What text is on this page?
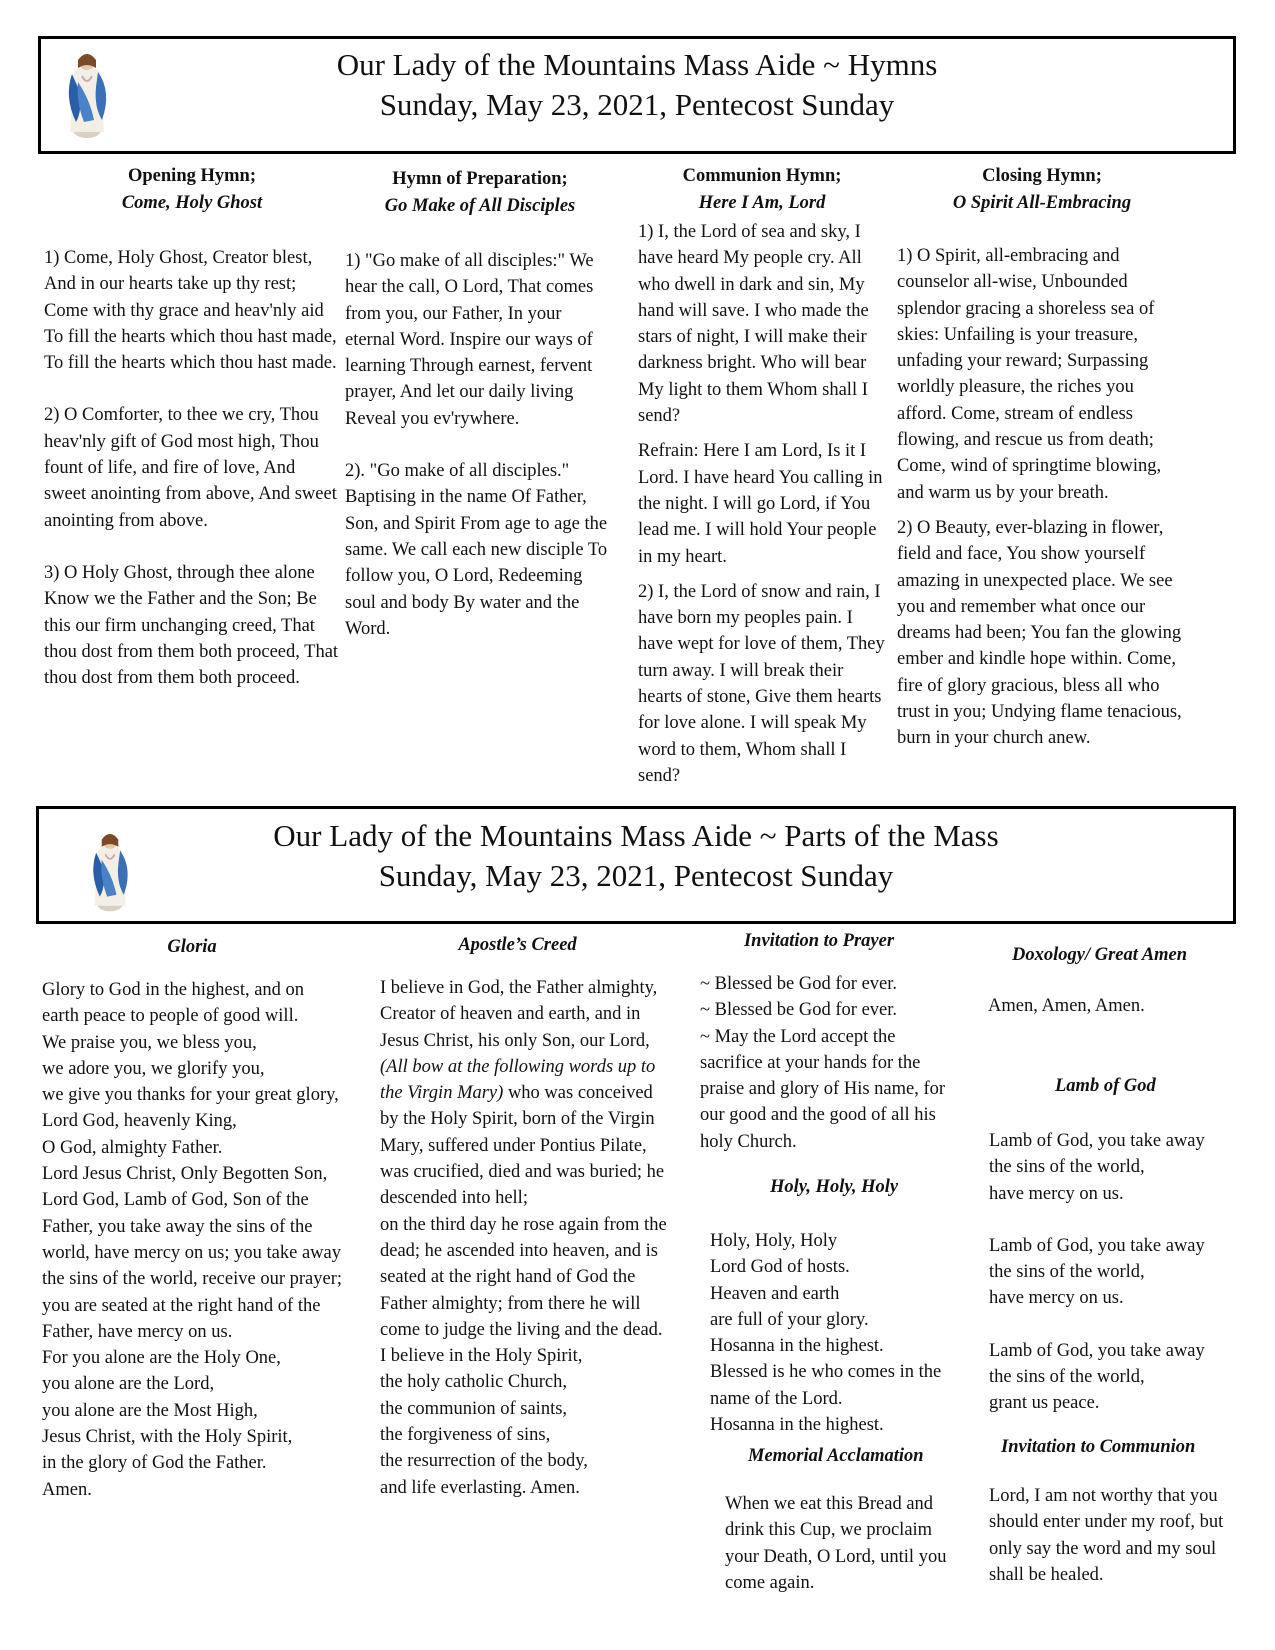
Our Lady of the Mountains Mass Aide ~ Hymns
Sunday, May 23, 2021, Pentecost Sunday
Opening Hymn;
Come, Holy Ghost

1) Come, Holy Ghost, Creator blest, And in our hearts take up thy rest; Come with thy grace and heav'nly aid To fill the hearts which thou hast made, To fill the hearts which thou hast made.

2) O Comforter, to thee we cry, Thou heav'nly gift of God most high, Thou fount of life, and fire of love, And sweet anointing from above, And sweet anointing from above.

3) O Holy Ghost, through thee alone Know we the Father and the Son; Be this our firm unchanging creed, That thou dost from them both proceed, That thou dost from them both proceed.

Hymn of Preparation;
Go Make of All Disciples

1) "Go make of all disciples:" We hear the call, O Lord, That comes from you, our Father, In your eternal Word. Inspire our ways of learning Through earnest, fervent prayer, And let our daily living Reveal you ev'rywhere.

2). "Go make of all disciples." Baptising in the name Of Father, Son, and Spirit From age to age the same. We call each new disciple To follow you, O Lord, Redeeming soul and body By water and the Word.

Communion Hymn;
Here I Am, Lord

1) I, the Lord of sea and sky, I have heard My people cry. All who dwell in dark and sin, My hand will save. I who made the stars of night, I will make their darkness bright. Who will bear My light to them Whom shall I send?

Refrain: Here I am Lord, Is it I Lord. I have heard You calling in the night. I will go Lord, if You lead me. I will hold Your people in my heart.

2) I, the Lord of snow and rain, I have born my peoples pain. I have wept for love of them, They turn away. I will break their hearts of stone, Give them hearts for love alone. I will speak My word to them, Whom shall I send?

Closing Hymn;
O Spirit All-Embracing

1) O Spirit, all-embracing and counselor all-wise, Unbounded splendor gracing a shoreless sea of skies: Unfailing is your treasure, unfading your reward; Surpassing worldly pleasure, the riches you afford. Come, stream of endless flowing, and rescue us from death; Come, wind of springtime blowing, and warm us by your breath.

2) O Beauty, ever-blazing in flower, field and face, You show yourself amazing in unexpected place. We see you and remember what once our dreams had been; You fan the glowing ember and kindle hope within. Come, fire of glory gracious, bless all who trust in you; Undying flame tenacious, burn in your church anew.

Our Lady of the Mountains Mass Aide ~ Parts of the Mass
Sunday, May 23, 2021, Pentecost Sunday
Gloria

Glory to God in the highest, and on earth peace to people of good will.

We praise you, we bless you,

we adore you, we glorify you,

we give you thanks for your great glory, Lord God, heavenly King,

O God, almighty Father.

Lord Jesus Christ, Only Begotten Son, Lord God, Lamb of God, Son of the Father, you take away the sins of the world, have mercy on us; you take away the sins of the world, receive our prayer;

you are seated at the right hand of the Father, have mercy on us.

For you alone are the Holy One,

you alone are the Lord,

you alone are the Most High,

Jesus Christ, with the Holy Spirit,

in the glory of God the Father.

Amen.

Apostle’s Creed

I believe in God, the Father almighty, Creator of heaven and earth, and in Jesus Christ, his only Son, our Lord, (All bow at the following words up to the Virgin Mary) who was conceived by the Holy Spirit, born of the Virgin Mary, suffered under Pontius Pilate, was crucified, died and was buried; he descended into hell;

on the third day he rose again from the dead; he ascended into heaven, and is seated at the right hand of God the Father almighty; from there he will come to judge the living and the dead.

I believe in the Holy Spirit,

the holy catholic Church,

the communion of saints,

the forgiveness of sins,

the resurrection of the body,

and life everlasting. Amen.

Invitation to Prayer

~ Blessed be God for ever.

~ Blessed be God for ever.

~ May the Lord accept the sacrifice at your hands for the praise and glory of His name, for our good and the good of all his holy Church.

Holy, Holy, Holy

Holy, Holy, Holy

Lord God of hosts.

Heaven and earth

are full of your glory.

Hosanna in the highest.

Blessed is he who comes in the name of the Lord.

Hosanna in the highest.

Memorial Acclamation

When we eat this Bread and drink this Cup, we proclaim your Death, O Lord, until you come again.

Doxology/ Great Amen

Amen, Amen, Amen.

Lamb of God

Lamb of God, you take away

the sins of the world,

have mercy on us.

Lamb of God, you take away

the sins of the world,

have mercy on us.

Lamb of God, you take away

the sins of the world,

grant us peace.

Invitation to Communion

Lord, I am not worthy that you should enter under my roof, but only say the word and my soul shall be healed.
